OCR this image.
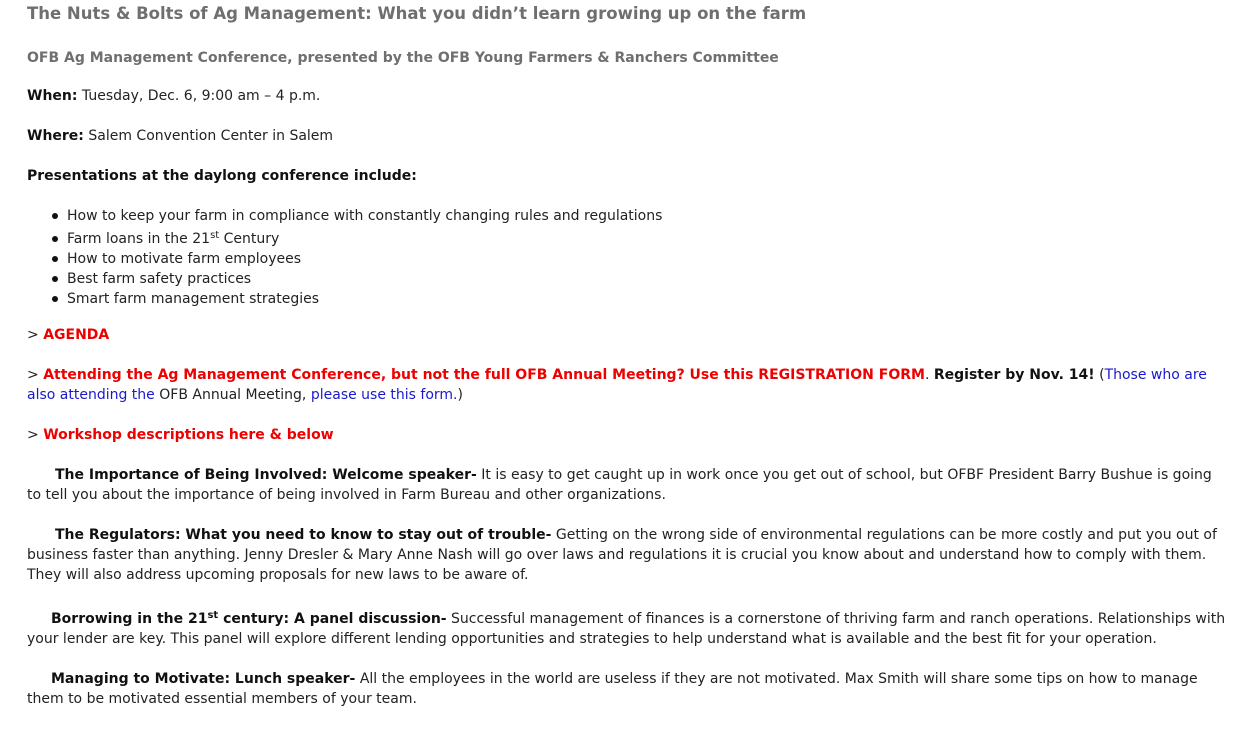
The Nuts & Bolts of Ag Management: What you didn’t learn growing up on the farm
OFB Ag Management Conference, presented by the OFB Young Farmers & Ranchers Committee
When: Tuesday, Dec. 6, 9:00 am – 4 p.m.
Where: Salem Convention Center in Salem
Presentations at the daylong conference include:
How to keep your farm in compliance with constantly changing rules and regulations
Farm loans in the 21st Century
How to motivate farm employees
Best farm safety practices
Smart farm management strategies
> AGENDA
> Attending the Ag Management Conference, but not the full OFB Annual Meeting? Use this REGISTRATION FORM. Register by Nov. 14! (Those who are also attending the OFB Annual Meeting, please use this form.)
> Workshop descriptions here & below
The Importance of Being Involved: Welcome speaker- It is easy to get caught up in work once you get out of school, but OFBF President Barry Bushue is going to tell you about the importance of being involved in Farm Bureau and other organizations.
The Regulators: What you need to know to stay out of trouble- Getting on the wrong side of environmental regulations can be more costly and put you out of business faster than anything. Jenny Dresler & Mary Anne Nash will go over laws and regulations it is crucial you know about and understand how to comply with them. They will also address upcoming proposals for new laws to be aware of.
Borrowing in the 21st century: A panel discussion- Successful management of finances is a cornerstone of thriving farm and ranch operations. Relationships with your lender are key. This panel will explore different lending opportunities and strategies to help understand what is available and the best fit for your operation.
Managing to Motivate: Lunch speaker- All the employees in the world are useless if they are not motivated. Max Smith will share some tips on how to manage them to be motivated essential members of your team.
